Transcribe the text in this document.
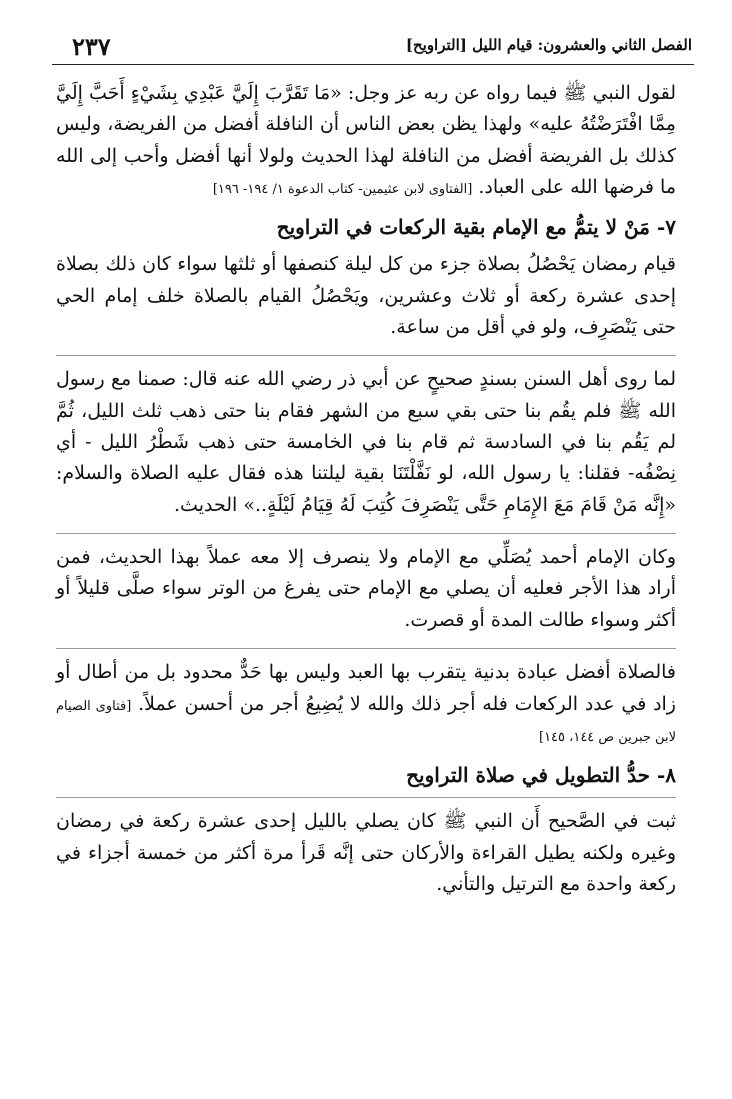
٢٣٧	الفصل الثاني والعشرون: قيام الليل [التراويح]

لقول النبي ﷺ فيما رواه عن ربه عز وجل: «مَا تَقَرَّبَ إِلَيَّ عَبْدِي بِشَيْءٍ أَحَبَّ إِلَيَّ مِمَّا افْتَرَضْتُهُ عليه» ولهذا يظن بعض الناس أن النافلة أفضل من الفريضة، وليس كذلك بل الفريضة أفضل من النافلة لهذا الحديث ولولا أنها أفضل وأحب إلى الله ما فرضها الله على العباد. [الفتاوى لابن عثيمين- كتاب الدعوة ١/ ١٩٤- ١٩٦]

٧- مَنْ لا يتمُّ مع الإمام بقية الركعات في التراويح

قيام رمضان يَحْصُلُ بصلاة جزء من كل ليلة كنصفها أو ثلثها سواء كان ذلك بصلاة إحدى عشرة ركعة أو ثلاث وعشرين، ويَحْصُلُ القيام بالصلاة خلف إمام الحي حتى يَنْصَرِف، ولو في أقل من ساعة.

لما روى أهل السنن بسندٍ صحيحٍ عن أبي ذر رضي الله عنه قال: صمنا مع رسول الله ﷺ فلم يقُم بنا حتى بقي سبع من الشهر فقام بنا حتى ذهب ثلث الليل، ثُمَّ لم يَقُم بنا في السادسة ثم قام بنا في الخامسة حتى ذهب شَطْرُ الليل - أي نِصْفُه- فقلنا: يا رسول الله، لو نَفَّلْتَنَا بقية ليلتنا هذه فقال عليه الصلاة والسلام: «إِنَّه مَنْ قَامَ مَعَ الإِمَامِ حَتَّى يَنْصَرِفَ كُتِبَ لَهُ قِيَامُ لَيْلَةٍ..» الحديث.

وكان الإمام أحمد يُصَلِّي مع الإمام ولا ينصرف إلا معه عملاً بهذا الحديث، فمن أراد هذا الأجر فعليه أن يصلي مع الإمام حتى يفرغ من الوتر سواء صلَّى قليلاً أو أكثر وسواء طالت المدة أو قصرت.

فالصلاة أفضل عبادة بدنية يتقرب بها العبد وليس بها حَدٌّ محدود بل من أطال أو زاد في عدد الركعات فله أجر ذلك والله لا يُضِيعُ أجر من أحسن عملاً. [فتاوى الصيام لابن جبرين ص ١٤٤، ١٤٥]

٨- حدُّ التطويل في صلاة التراويح

ثبت في الصَّحيح أَن النبي ﷺ كان يصلي بالليل إحدى عشرة ركعة في رمضان وغيره ولكنه يطيل القراءة والأركان حتى إنَّه قَرأ مرة أكثر من خمسة أجزاء في ركعة واحدة مع الترتيل والتأني.
